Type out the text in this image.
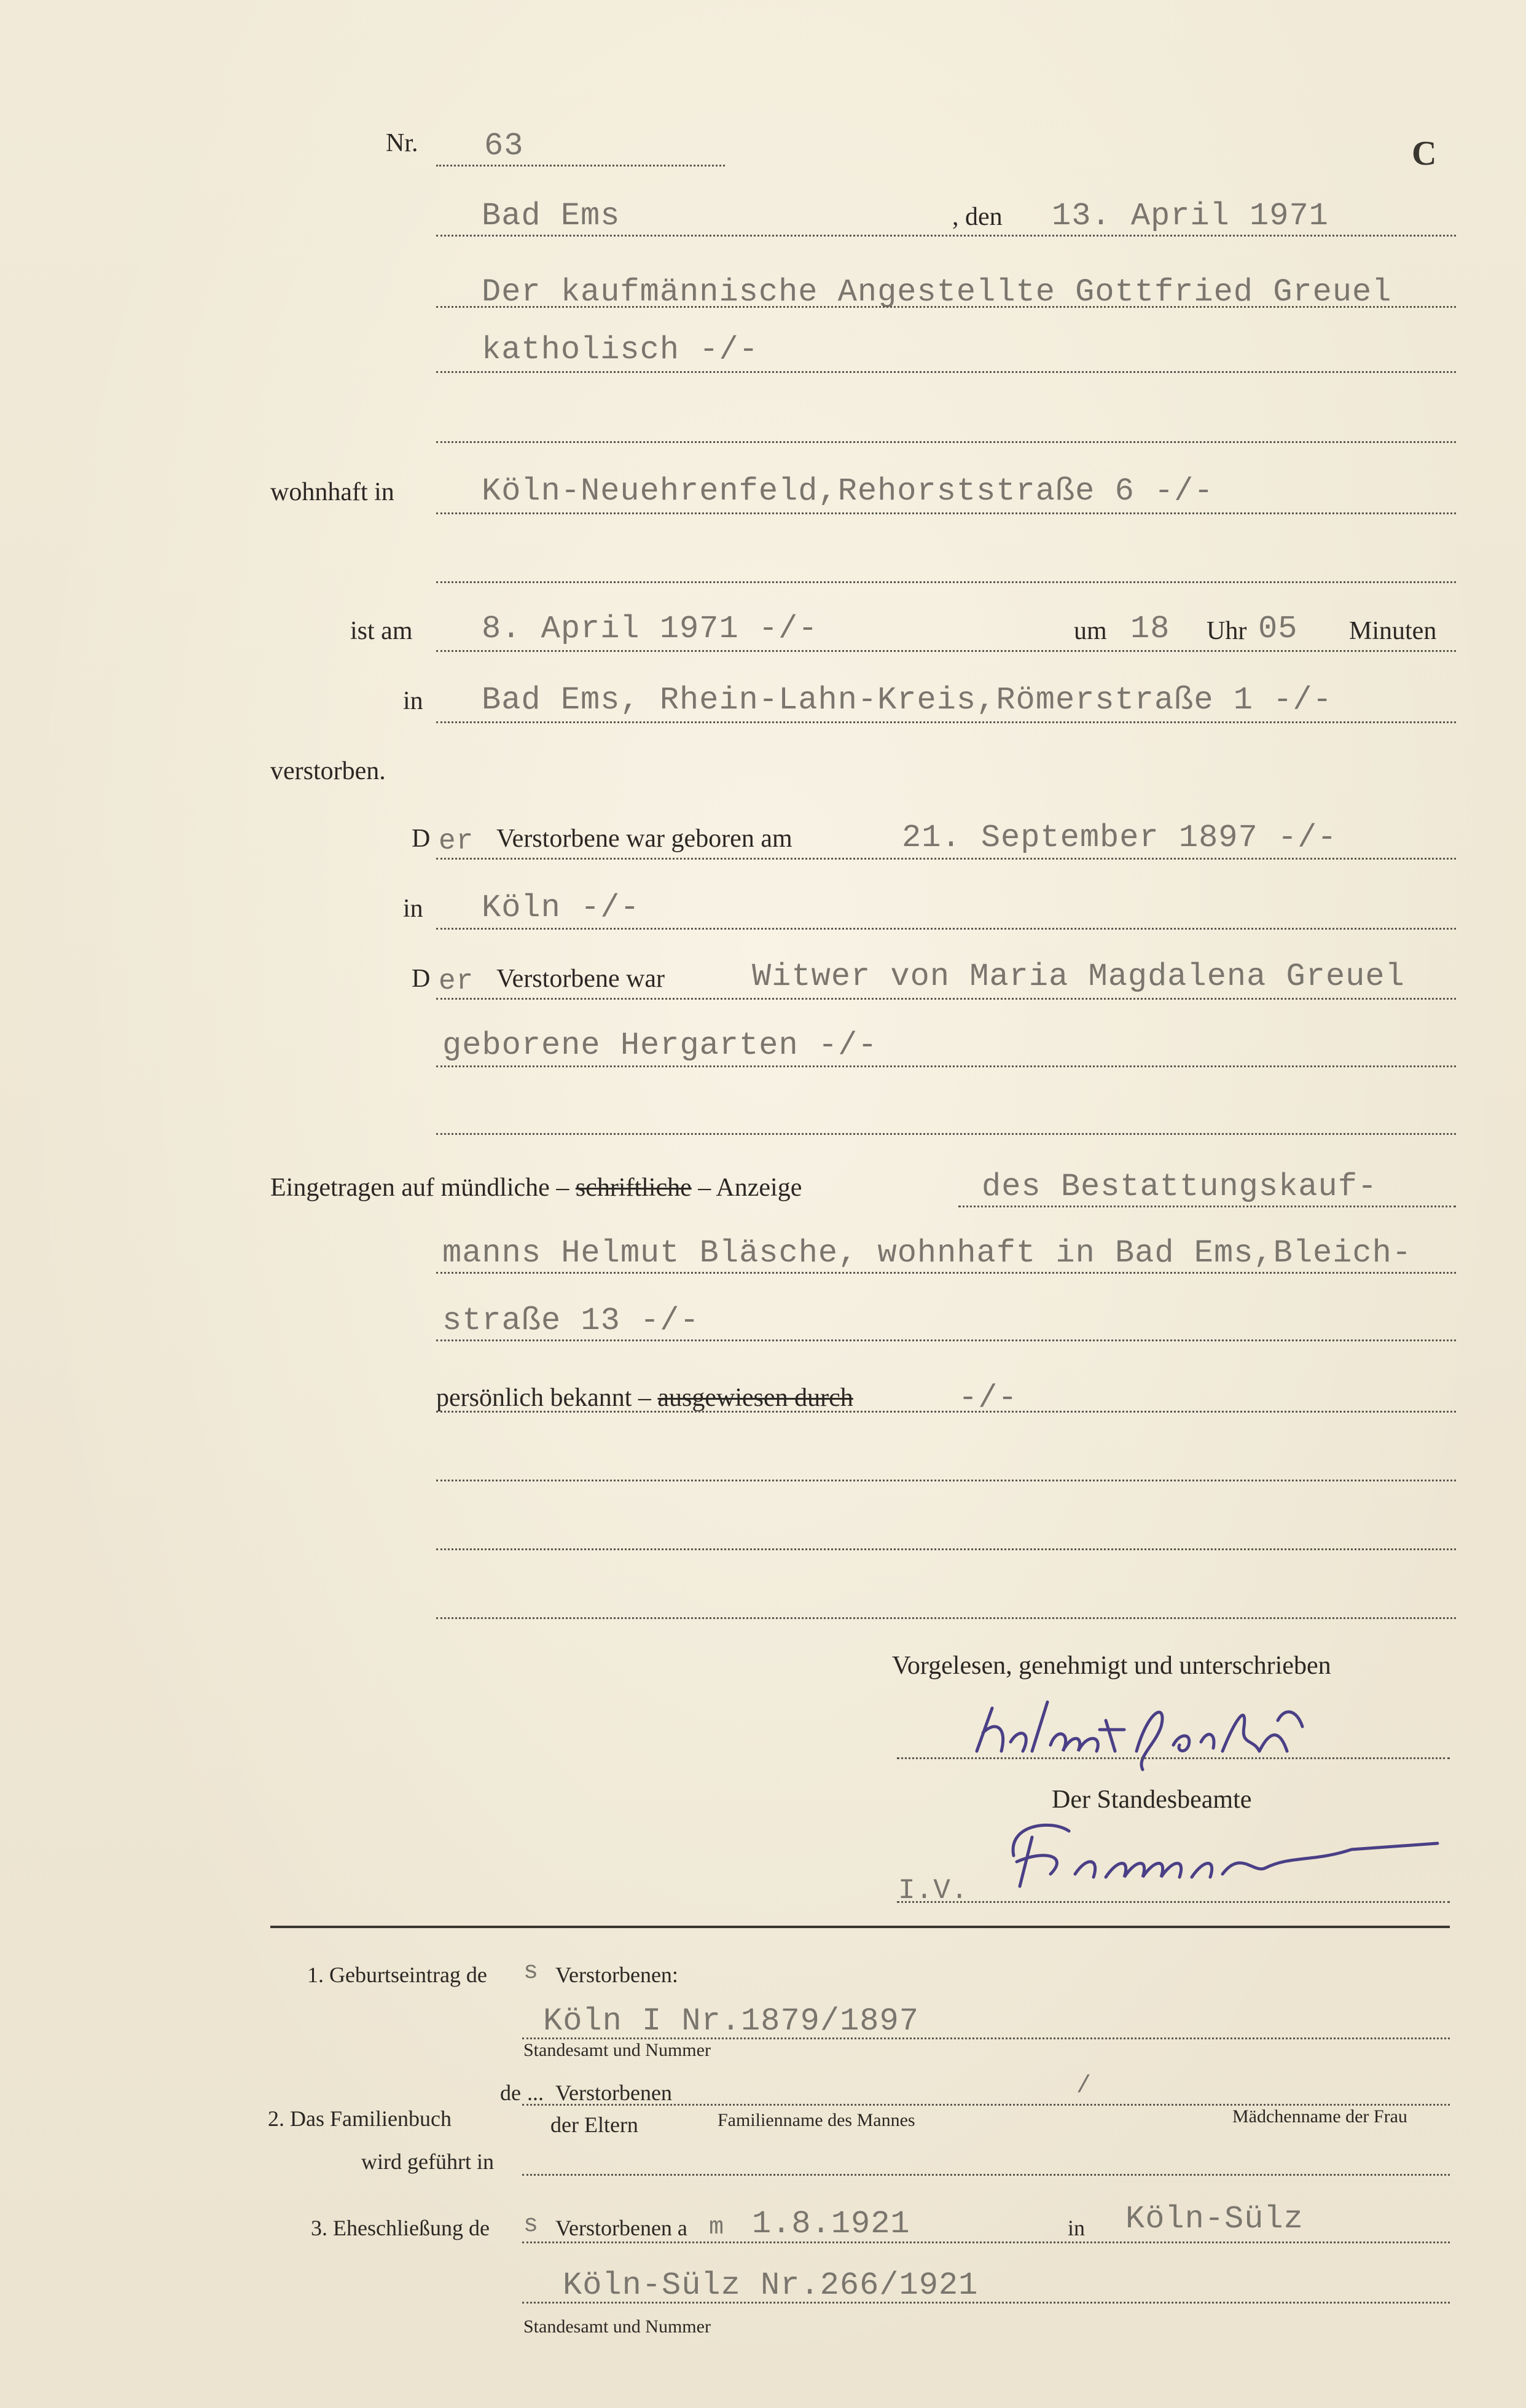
Nr. 63	C
Bad Ems	, den 13. April 1971
Der kaufmännische Angestellte Gottfried Greuel
katholisch -/-
wohnhaft in	Köln-Neuehrenfeld,Rehorststraße 6 -/-
ist am 8. April 1971 -/-	um 18 Uhr 05 Minuten
in Bad Ems, Rhein-Lahn-Kreis,Römerstraße 1 -/-
verstorben.
D er Verstorbene war geboren am	21. September 1897 -/-
in Köln -/-
D er Verstorbene war	Witwer von Maria Magdalena Greuel
geborene Hergarten -/-
Eingetragen auf mündliche – schriftliche – Anzeige	des Bestattungskauf-
manns Helmut Bläsche, wohnhaft in Bad Ems,Bleich-
straße 13 -/-
persönlich bekannt – ausgewiesen durch	-/-
Vorgelesen, genehmigt und unterschrieben
Der Standesbeamte
I.V.
1. Geburtseintrag de s Verstorbenen:
Köln I Nr.1879/1897
Standesamt und Nummer
2. Das Familienbuch
de ... Verstorbenen	/
der Eltern	Familienname des Mannes	Mädchenname der Frau
wird geführt in
3. Eheschließung de s Verstorbenen a m 1.8.1921	in Köln-Sülz
Köln-Sülz Nr.266/1921
Standesamt und Nummer
